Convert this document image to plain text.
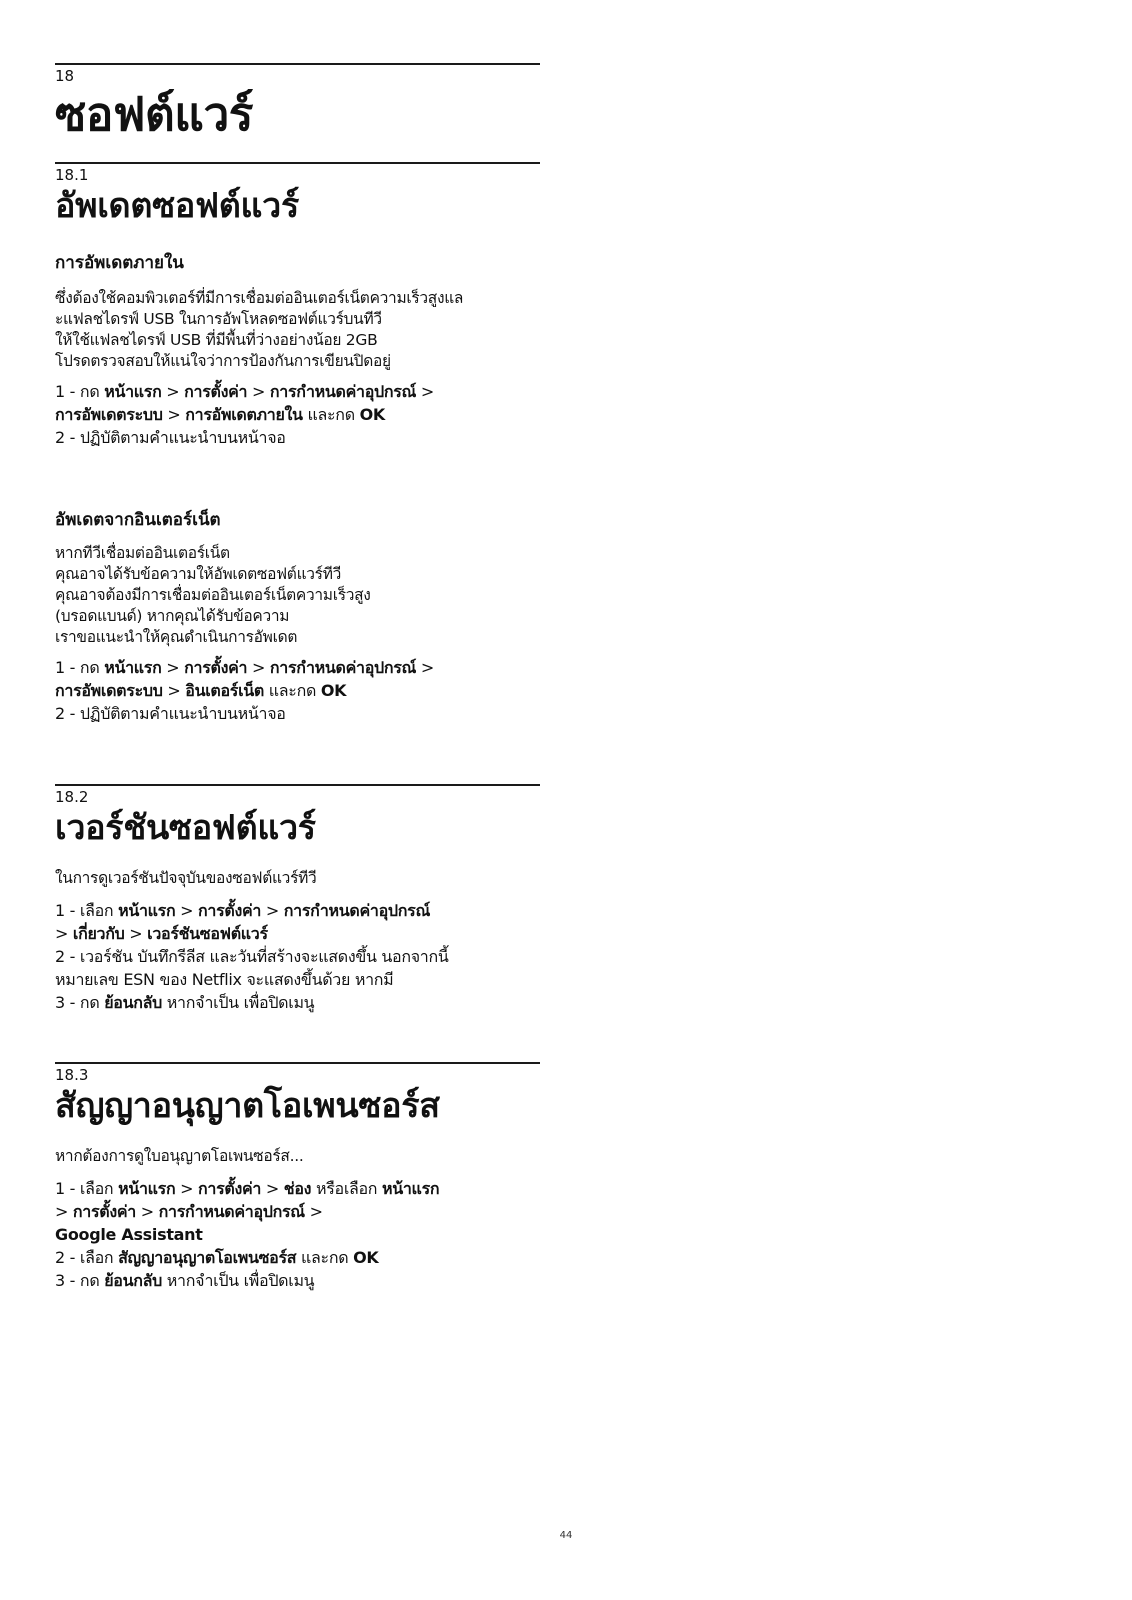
18
ซอฟต์แวร์
18.1
อัพเดตซอฟต์แวร์
การอัพเดตภายใน
ซึ่งต้องใช้คอมพิวเตอร์ที่มีการเชื่อมต่ออินเตอร์เน็ตความเร็วสูงแล
ะแฟลชไดรฟ์ USB ในการอัพโหลดซอฟต์แวร์บนทีวี
ให้ใช้แฟลชไดรฟ์ USB ที่มีพื้นที่ว่างอย่างน้อย 2GB
โปรดตรวจสอบให้แน่ใจว่าการป้องกันการเขียนปิดอยู่
1 - กด หน้าแรก > การตั้งค่า > การกำหนดค่าอุปกรณ์ >
การอัพเดตระบบ > การอัพเดตภายใน และกด OK
2 - ปฏิบัติตามคำแนะนำบนหน้าจอ
อัพเดตจากอินเตอร์เน็ต
หากทีวีเชื่อมต่ออินเตอร์เน็ต
คุณอาจได้รับข้อความให้อัพเดตซอฟต์แวร์ทีวี
คุณอาจต้องมีการเชื่อมต่ออินเตอร์เน็ตความเร็วสูง
(บรอดแบนด์) หากคุณได้รับข้อความ
เราขอแนะนำให้คุณดำเนินการอัพเดต
1 - กด หน้าแรก > การตั้งค่า > การกำหนดค่าอุปกรณ์ >
การอัพเดตระบบ > อินเตอร์เน็ต และกด OK
2 - ปฏิบัติตามคำแนะนำบนหน้าจอ
18.2
เวอร์ชันซอฟต์แวร์
ในการดูเวอร์ชันปัจจุบันของซอฟต์แวร์ทีวี
1 - เลือก หน้าแรก > การตั้งค่า > การกำหนดค่าอุปกรณ์
> เกี่ยวกับ > เวอร์ชันซอฟต์แวร์
2 - เวอร์ชัน บันทึกรีลีส และวันที่สร้างจะแสดงขึ้น นอกจากนี้
หมายเลข ESN ของ Netflix จะแสดงขึ้นด้วย หากมี
3 - กด ย้อนกลับ หากจำเป็น เพื่อปิดเมนู
18.3
สัญญาอนุญาตโอเพนซอร์ส
หากต้องการดูใบอนุญาตโอเพนซอร์ส...
1 - เลือก หน้าแรก > การตั้งค่า > ช่อง หรือเลือก หน้าแรก
> การตั้งค่า > การกำหนดค่าอุปกรณ์ >
Google Assistant
2 - เลือก สัญญาอนุญาตโอเพนซอร์ส และกด OK
3 - กด ย้อนกลับ หากจำเป็น เพื่อปิดเมนู
44
